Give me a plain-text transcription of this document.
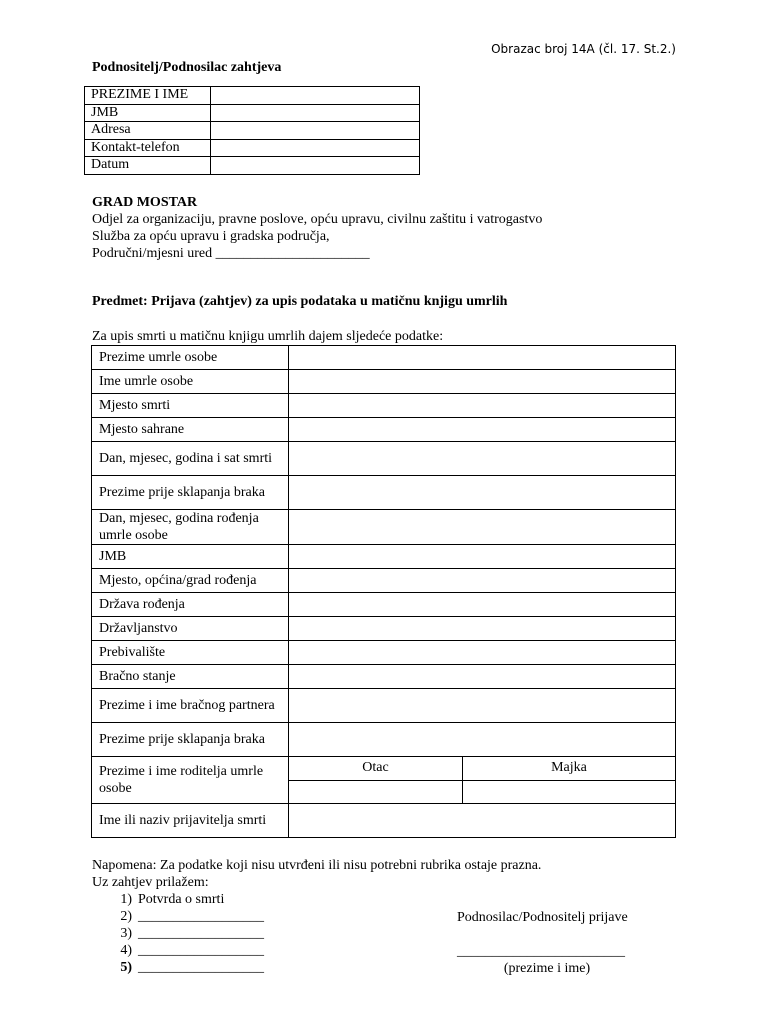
Obrazac broj 14A (čl. 17. St.2.)
Podnositelj/Podnosilac zahtjeva
PREZIME I IME	
JMB	
Adresa	
Kontakt-telefon	
Datum	
GRAD MOSTAR
Odjel za organizaciju, pravne poslove, opću upravu, civilnu zaštitu i vatrogastvo
Služba za opću upravu i gradska područja,
Područni/mjesni ured ______________________
Predmet: Prijava (zahtjev) za upis podataka u matičnu knjigu umrlih
Za upis smrti u matičnu knjigu umrlih dajem sljedeće podatke:
Prezime umrle osobe		
Ime umrle osobe		
Mjesto smrti		
Mjesto sahrane		
Dan, mjesec, godina i sat smrti		
Prezime prije sklapanja braka		
Dan, mjesec, godina rođenja umrle osobe		
JMB		
Mjesto, općina/grad rođenja		
Država rođenja		
Državljanstvo		
Prebivalište		
Bračno stanje		
Prezime i ime bračnog partnera		
Prezime prije sklapanja braka		
Prezime i ime roditelja umrle osobe	Otac	Majka

Ime ili naziv prijavitelja smrti		
Napomena: Za podatke koji nisu utvrđeni ili nisu potrebni rubrika ostaje prazna.
Uz zahtjev prilažem:
1) Potvrda o smrti
2) __________________
3) __________________
4) __________________
5) __________________
Podnosilac/Podnositelj prijave
________________________
(prezime i ime)
